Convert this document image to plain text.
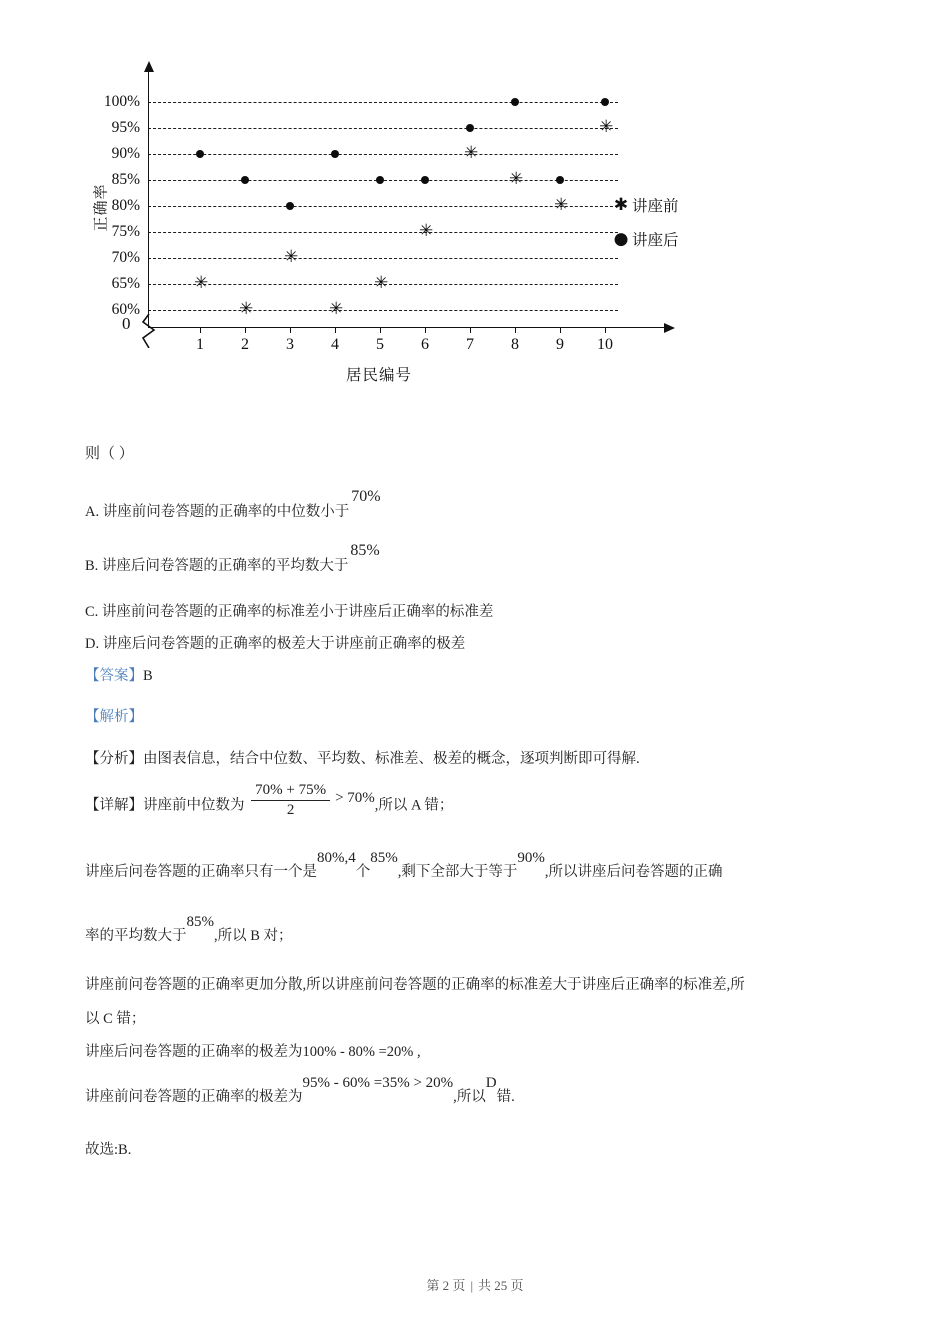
正确率
100%
95%
90%
85%
80%
75%
70%
65%
60%
0
1	2	3	4	5	6	7	8	9	10
居民编号
✳
✳
✳
✳
✳
✳
✳
✳
✳
✳
✱ 讲座前
● 讲座后

则（ ）

A. 讲座前问卷答题的正确率的中位数小于70%

B. 讲座后问卷答题的正确率的平均数大于85%

C. 讲座前问卷答题的正确率的标准差小于讲座后正确率的标准差

D. 讲座后问卷答题的正确率的极差大于讲座前正确率的极差

【答案】B

【解析】

【分析】由图表信息，结合中位数、平均数、标准差、极差的概念，逐项判断即可得解.

【详解】讲座前中位数为 $\frac{70\% + 75\%}{2} > 70\%$,所以 A 错；

讲座后问卷答题的正确率只有一个是80%,4个85%,剩下全部大于等于90%,所以讲座后问卷答题的正确

率的平均数大于85%,所以 B 对；

讲座前问卷答题的正确率更加分散,所以讲座前问卷答题的正确率的标准差大于讲座后正确率的标准差,所

以 C 错；

讲座后问卷答题的正确率的极差为100% - 80% =20% ,

讲座前问卷答题的正确率的极差为95% - 60% =35% > 20%,所以D错.

故选:B.

第 2 页 | 共 25 页
